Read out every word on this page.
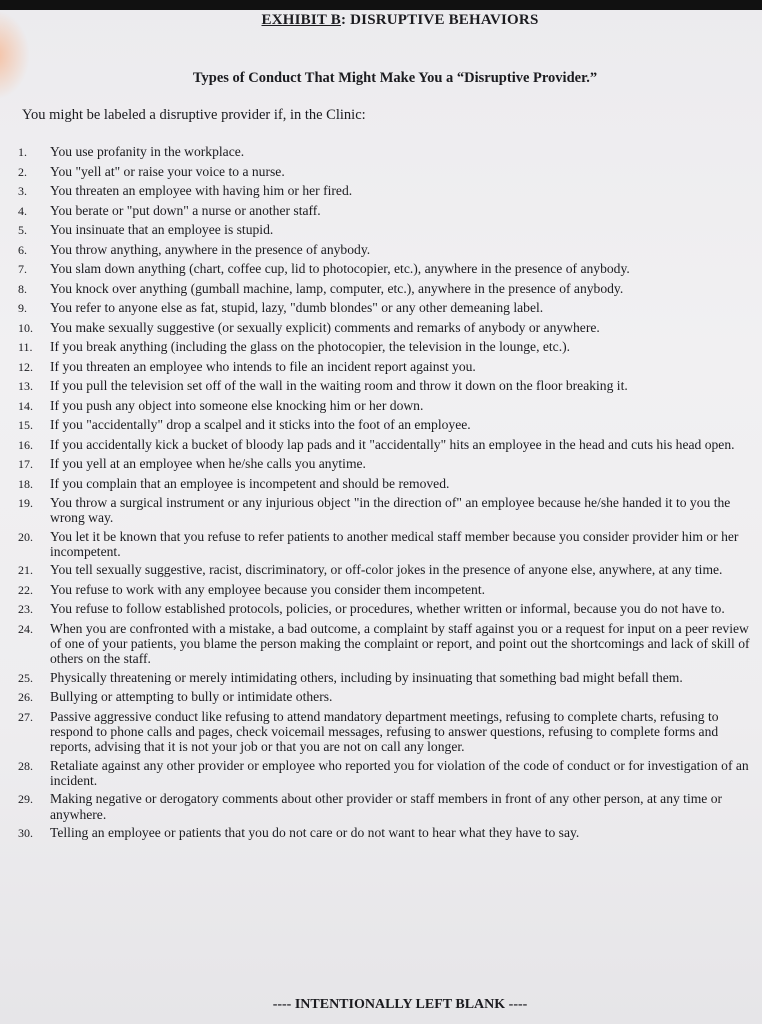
EXHIBIT B: DISRUPTIVE BEHAVIORS
Types of Conduct That Might Make You a “Disruptive Provider.”
You might be labeled a disruptive provider if, in the Clinic:
1.	You use profanity in the workplace.
2.	You "yell at" or raise your voice to a nurse.
3.	You threaten an employee with having him or her fired.
4.	You berate or "put down" a nurse or another staff.
5.	You insinuate that an employee is stupid.
6.	You throw anything, anywhere in the presence of anybody.
7.	You slam down anything (chart, coffee cup, lid to photocopier, etc.), anywhere in the presence of anybody.
8.	You knock over anything (gumball machine, lamp, computer, etc.), anywhere in the presence of anybody.
9.	You refer to anyone else as fat, stupid, lazy, "dumb blondes" or any other demeaning label.
10.	You make sexually suggestive (or sexually explicit) comments and remarks of anybody or anywhere.
11.	If you break anything (including the glass on the photocopier, the television in the lounge, etc.).
12.	If you threaten an employee who intends to file an incident report against you.
13.	If you pull the television set off of the wall in the waiting room and throw it down on the floor breaking it.
14.	If you push any object into someone else knocking him or her down.
15.	If you "accidentally" drop a scalpel and it sticks into the foot of an employee.
16.	If you accidentally kick a bucket of bloody lap pads and it "accidentally" hits an employee in the head and cuts his head open.
17.	If you yell at an employee when he/she calls you anytime.
18.	If you complain that an employee is incompetent and should be removed.
19.	You throw a surgical instrument or any injurious object "in the direction of" an employee because he/she handed it to you the wrong way.
20.	You let it be known that you refuse to refer patients to another medical staff member because you consider provider him or her incompetent.
21.	You tell sexually suggestive, racist, discriminatory, or off-color jokes in the presence of anyone else, anywhere, at any time.
22.	You refuse to work with any employee because you consider them incompetent.
23.	You refuse to follow established protocols, policies, or procedures, whether written or informal, because you do not have to.
24.	When you are confronted with a mistake, a bad outcome, a complaint by staff against you or a request for input on a peer review of one of your patients, you blame the person making the complaint or report, and point out the shortcomings and lack of skill of others on the staff.
25.	Physically threatening or merely intimidating others, including by insinuating that something bad might befall them.
26.	Bullying or attempting to bully or intimidate others.
27.	Passive aggressive conduct like refusing to attend mandatory department meetings, refusing to complete charts, refusing to respond to phone calls and pages, check voicemail messages, refusing to answer questions, refusing to complete forms and reports, advising that it is not your job or that you are not on call any longer.
28.	Retaliate against any other provider or employee who reported you for violation of the code of conduct or for investigation of an incident.
29.	Making negative or derogatory comments about other provider or staff members in front of any other person, at any time or anywhere.
30.	Telling an employee or patients that you do not care or do not want to hear what they have to say.
---- INTENTIONALLY LEFT BLANK ----
